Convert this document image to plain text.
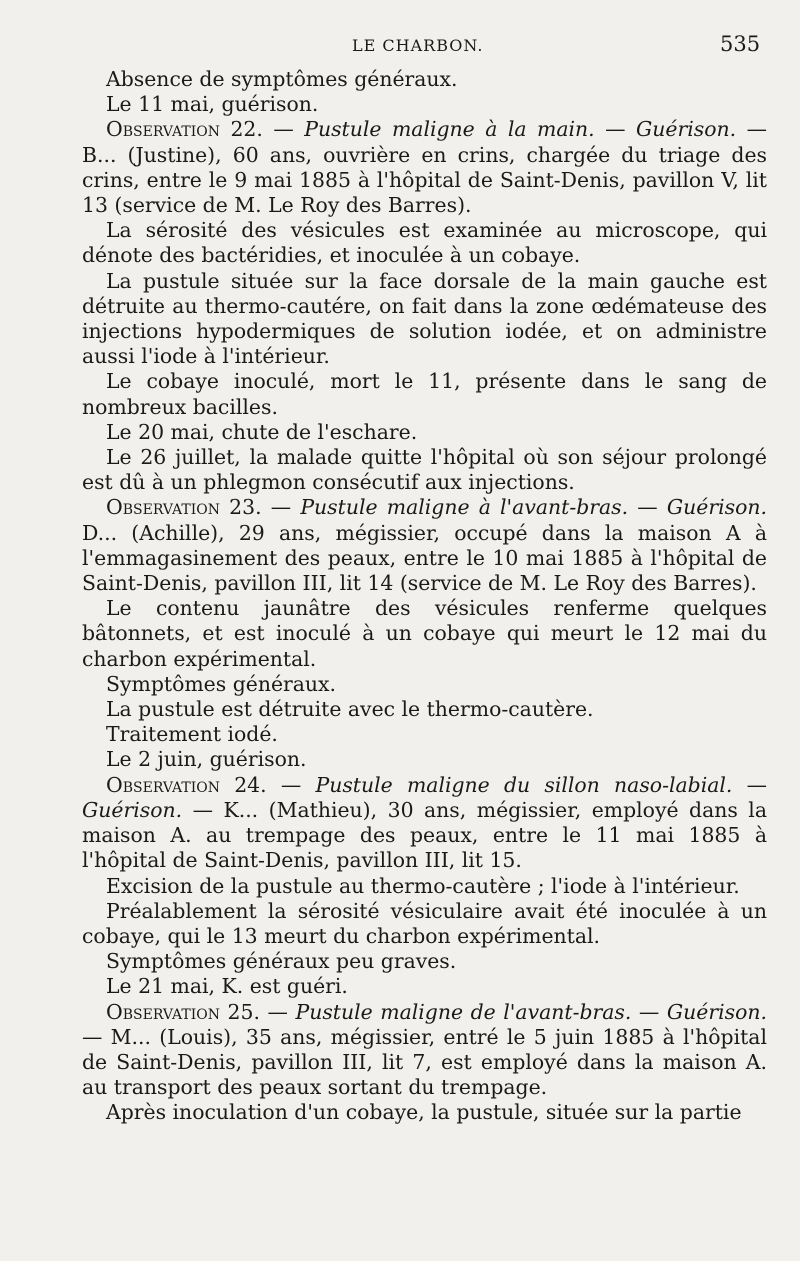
LE CHARBON.	535

Absence de symptômes généraux.

Le 11 mai, guérison.

Observation 22. — Pustule maligne à la main. — Guérison. — B... (Justine), 60 ans, ouvrière en crins, chargée du triage des crins, entre le 9 mai 1885 à l'hôpital de Saint-Denis, pavillon V, lit 13 (service de M. Le Roy des Barres).

La sérosité des vésicules est examinée au microscope, qui dénote des bactéridies, et inoculée à un cobaye.

La pustule située sur la face dorsale de la main gauche est détruite au thermo-cautére, on fait dans la zone œdémateuse des injections hypodermiques de solution iodée, et on administre aussi l'iode à l'intérieur.

Le cobaye inoculé, mort le 11, présente dans le sang de nombreux bacilles.

Le 20 mai, chute de l'eschare.

Le 26 juillet, la malade quitte l'hôpital où son séjour prolongé est dû à un phlegmon consécutif aux injections.

Observation 23. — Pustule maligne à l'avant-bras. — Guérison. D... (Achille), 29 ans, mégissier, occupé dans la maison A à l'emmagasinement des peaux, entre le 10 mai 1885 à l'hôpital de Saint-Denis, pavillon III, lit 14 (service de M. Le Roy des Barres).

Le contenu jaunâtre des vésicules renferme quelques bâtonnets, et est inoculé à un cobaye qui meurt le 12 mai du charbon expérimental.

Symptômes généraux.

La pustule est détruite avec le thermo-cautère.

Traitement iodé.

Le 2 juin, guérison.

Observation 24. — Pustule maligne du sillon naso-labial. — Guérison. — K... (Mathieu), 30 ans, mégissier, employé dans la maison A. au trempage des peaux, entre le 11 mai 1885 à l'hôpital de Saint-Denis, pavillon III, lit 15.

Excision de la pustule au thermo-cautère ; l'iode à l'intérieur.

Préalablement la sérosité vésiculaire avait été inoculée à un cobaye, qui le 13 meurt du charbon expérimental.

Symptômes généraux peu graves.

Le 21 mai, K. est guéri.

Observation 25. — Pustule maligne de l'avant-bras. — Guérison. — M... (Louis), 35 ans, mégissier, entré le 5 juin 1885 à l'hôpital de Saint-Denis, pavillon III, lit 7, est employé dans la maison A. au transport des peaux sortant du trempage.

Après inoculation d'un cobaye, la pustule, située sur la partie
